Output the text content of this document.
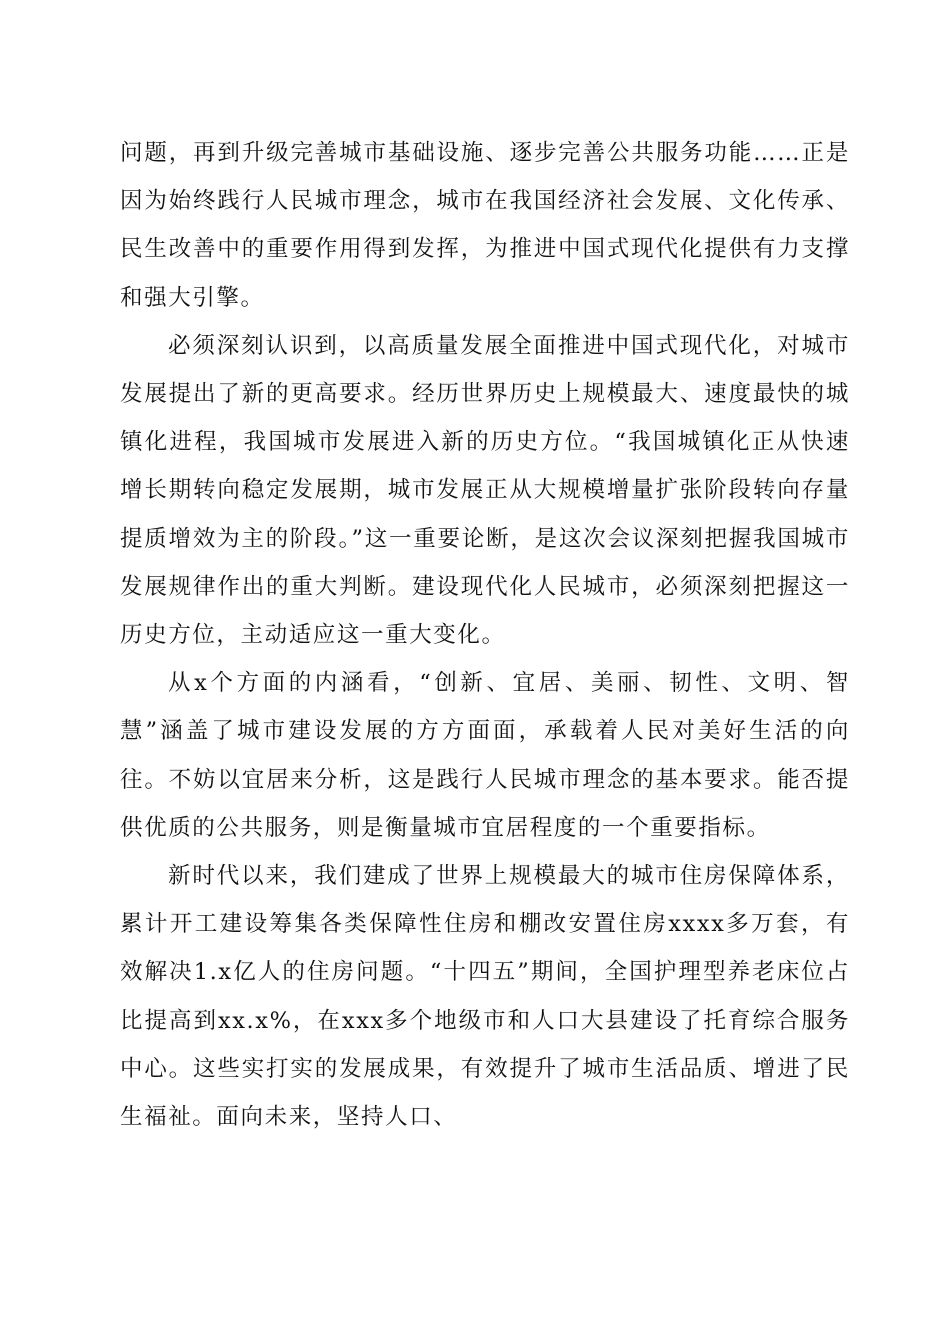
问题，再到升级完善城市基础设施、逐步完善公共服务功能……正是因为始终践行人民城市理念，城市在我国经济社会发展、文化传承、民生改善中的重要作用得到发挥，为推进中国式现代化提供有力支撑和强大引擎。

必须深刻认识到，以高质量发展全面推进中国式现代化，对城市发展提出了新的更高要求。经历世界历史上规模最大、速度最快的城镇化进程，我国城市发展进入新的历史方位。“我国城镇化正从快速增长期转向稳定发展期，城市发展正从大规模增量扩张阶段转向存量提质增效为主的阶段。”这一重要论断，是这次会议深刻把握我国城市发展规律作出的重大判断。建设现代化人民城市，必须深刻把握这一历史方位，主动适应这一重大变化。

从x个方面的内涵看，“创新、宜居、美丽、韧性、文明、智慧”涵盖了城市建设发展的方方面面，承载着人民对美好生活的向往。不妨以宜居来分析，这是践行人民城市理念的基本要求。能否提供优质的公共服务，则是衡量城市宜居程度的一个重要指标。

新时代以来，我们建成了世界上规模最大的城市住房保障体系，累计开工建设筹集各类保障性住房和棚改安置住房xxxx多万套，有效解决1.x亿人的住房问题。“十四五”期间，全国护理型养老床位占比提高到xx.x%，在xxx多个地级市和人口大县建设了托育综合服务中心。这些实打实的发展成果，有效提升了城市生活品质、增进了民生福祉。面向未来，坚持人口、
